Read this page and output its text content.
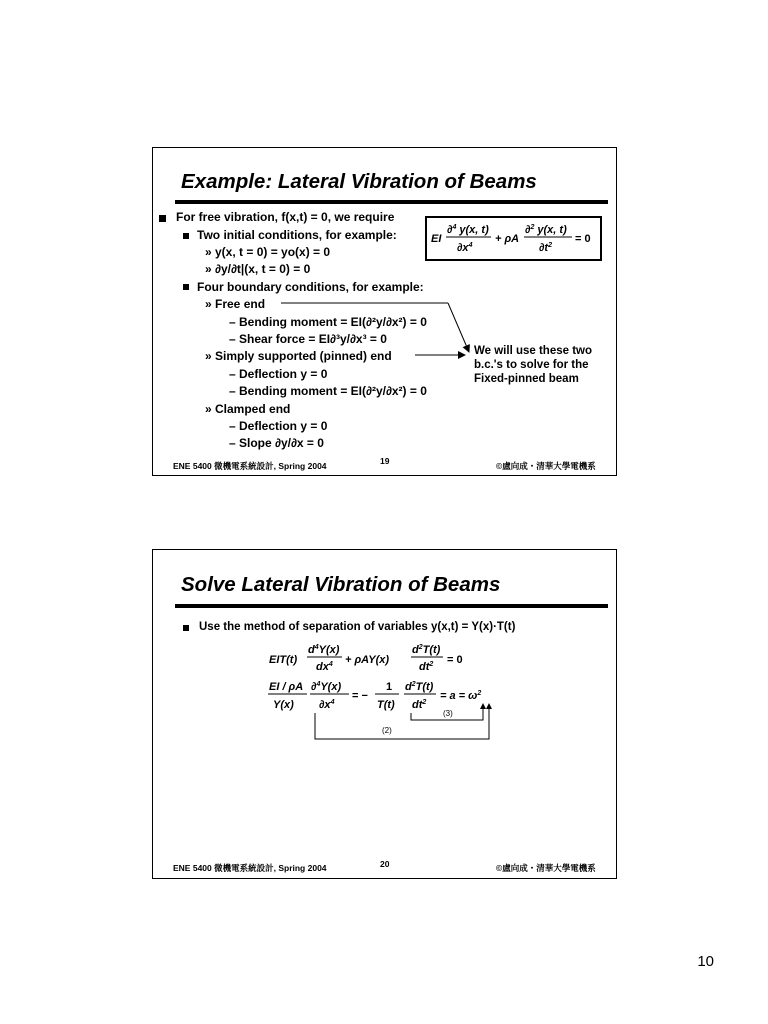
Example: Lateral Vibration of Beams
For free vibration, f(x,t) = 0, we require
Two initial conditions, for example:
» y(x, t = 0) = yo(x) = 0
» ∂y/∂t|(x, t = 0) = 0
Four boundary conditions, for example:
» Free end
– Bending moment = EI(∂²y/∂x²) = 0
– Shear force = EI∂³y/∂x³ = 0
» Simply supported (pinned) end
– Deflection y = 0
– Bending moment = EI(∂²y/∂x²) = 0
» Clamped end
– Deflection y = 0
– Slope ∂y/∂x = 0
We will use these two
b.c.'s to solve for the
Fixed-pinned beam
EI
∂$^4$ y(x, t)
$\partial x^4$
+ ρA
∂$^2$ y(x, t)
$\partial t^2$
= 0
ENE 5400 微機電系統設計, Spring 2004	19	©盧向成・清華大學電機系
Solve Lateral Vibration of Beams
Use the method of separation of variables y(x,t) = Y(x)·T(t)
EIT(t)
$d^4Y(x)$
$dx^4 + \rho AY(x)$
$d^2T(t)$
$dt^2 = 0$
EI / ρA
Y(x)
∂$^4$Y(x)
$\partial x^4$
= −
1
T(t)
$d^2T(t)$
$dt^2$
= $a = \omega^2$
(3)
(2)
ENE 5400 微機電系統設計, Spring 2004	20	©盧向成・清華大學電機系
10
